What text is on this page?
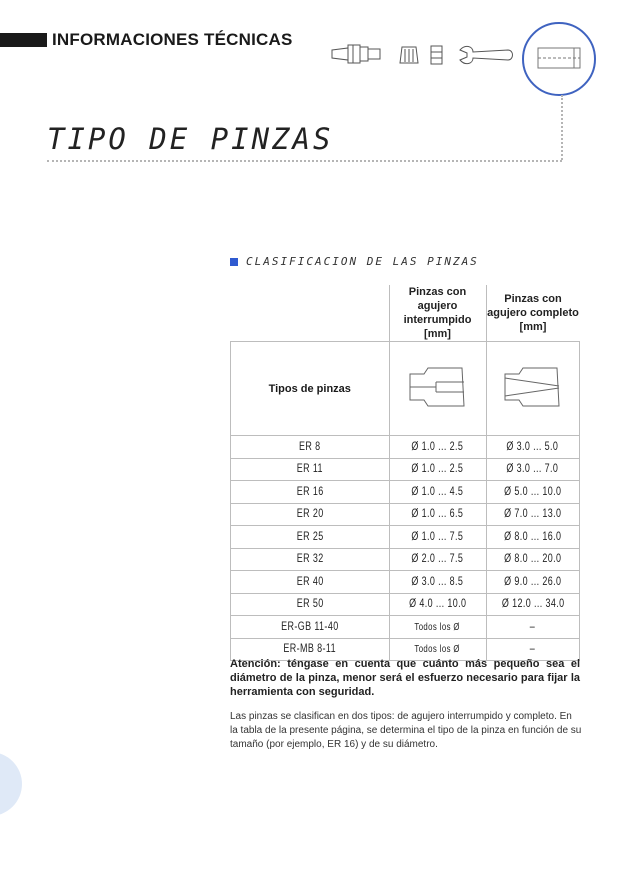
INFORMACIONES TÉCNICAS
TIPO DE PINZAS
CLASIFICACION DE LAS PINZAS
	Pinzas con agujero interrumpido [mm]	Pinzas con agujero completo [mm]
Tipos de pinzas		
ER 8	Ø 1.0 ... 2.5	Ø 3.0 ... 5.0
ER 11	Ø 1.0 ... 2.5	Ø 3.0 ... 7.0
ER 16	Ø 1.0 ... 4.5	Ø 5.0 ... 10.0
ER 20	Ø 1.0 ... 6.5	Ø 7.0 ... 13.0
ER 25	Ø 1.0 ... 7.5	Ø 8.0 ... 16.0
ER 32	Ø 2.0 ... 7.5	Ø 8.0 ... 20.0
ER 40	Ø 3.0 ... 8.5	Ø 9.0 ... 26.0
ER 50	Ø 4.0 ... 10.0	Ø 12.0 ... 34.0
ER-GB 11-40	Todos los Ø	–
ER-MB 8-11	Todos los Ø	–
Atención: téngase en cuenta que cuánto más pequeño sea el diámetro de la pinza, menor será el esfuerzo necesario para fijar la herramienta con seguridad.
Las pinzas se clasifican en dos tipos: de agujero interrumpido y completo. En la tabla de la presente página, se determina el tipo de la pinza en función de su tamaño (por ejemplo, ER 16) y de su diámetro.
